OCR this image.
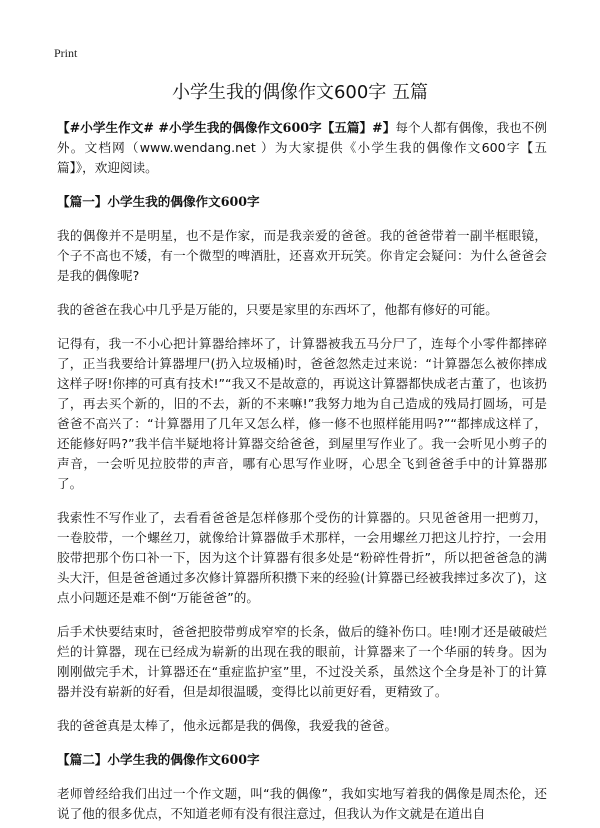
Print
小学生我的偶像作文600字 五篇

【#小学生作文# #小学生我的偶像作文600字【五篇】#】每个人都有偶像，我也不例外。文档网（www.wendang.net ）为大家提供《小学生我的偶像作文600字【五篇】》，欢迎阅读。

【篇一】小学生我的偶像作文600字

我的偶像并不是明星，也不是作家，而是我亲爱的爸爸。我的爸爸带着一副半框眼镜，个子不高也不矮，有一个微型的啤酒肚，还喜欢开玩笑。你肯定会疑问：为什么爸爸会是我的偶像呢?

我的爸爸在我心中几乎是万能的，只要是家里的东西坏了，他都有修好的可能。

记得有，我一不小心把计算器给摔坏了，计算器被我五马分尸了，连每个小零件都摔碎了，正当我要给计算器埋尸(扔入垃圾桶)时，爸爸忽然走过来说：“计算器怎么被你摔成这样子呀!你摔的可真有技术!”“我又不是故意的，再说这计算器都快成老古董了，也该扔了，再去买个新的，旧的不去，新的不来嘛!”我努力地为自己造成的残局打圆场，可是爸爸不高兴了：“计算器用了几年又怎么样，修一修不也照样能用吗?”“都摔成这样了，还能修好吗?”我半信半疑地将计算器交给爸爸，到屋里写作业了。我一会听见小剪子的声音，一会听见拉胶带的声音，哪有心思写作业呀，心思全飞到爸爸手中的计算器那了。

我索性不写作业了，去看看爸爸是怎样修那个受伤的计算器的。只见爸爸用一把剪刀，一卷胶带，一个螺丝刀，就像给计算器做手术那样，一会用螺丝刀把这儿拧拧，一会用胶带把那个伤口补一下，因为这个计算器有很多处是“粉碎性骨折”，所以把爸爸急的满头大汗，但是爸爸通过多次修计算器所积攒下来的经验(计算器已经被我摔过多次了)，这点小问题还是难不倒“万能爸爸”的。

后手术快要结束时，爸爸把胶带剪成窄窄的长条，做后的缝补伤口。哇!刚才还是破破烂烂的计算器，现在已经成为崭新的出现在我的眼前，计算器来了一个华丽的转身。因为刚刚做完手术，计算器还在“重症监护室”里，不过没关系，虽然这个全身是补丁的计算器并没有崭新的好看，但是却很温暖，变得比以前更好看，更精致了。

我的爸爸真是太棒了，他永远都是我的偶像，我爱我的爸爸。

【篇二】小学生我的偶像作文600字

老师曾经给我们出过一个作文题，叫“我的偶像”，我如实地写着我的偶像是周杰伦，还说了他的很多优点，不知道老师有没有很注意过，但我认为作文就是在道出自
